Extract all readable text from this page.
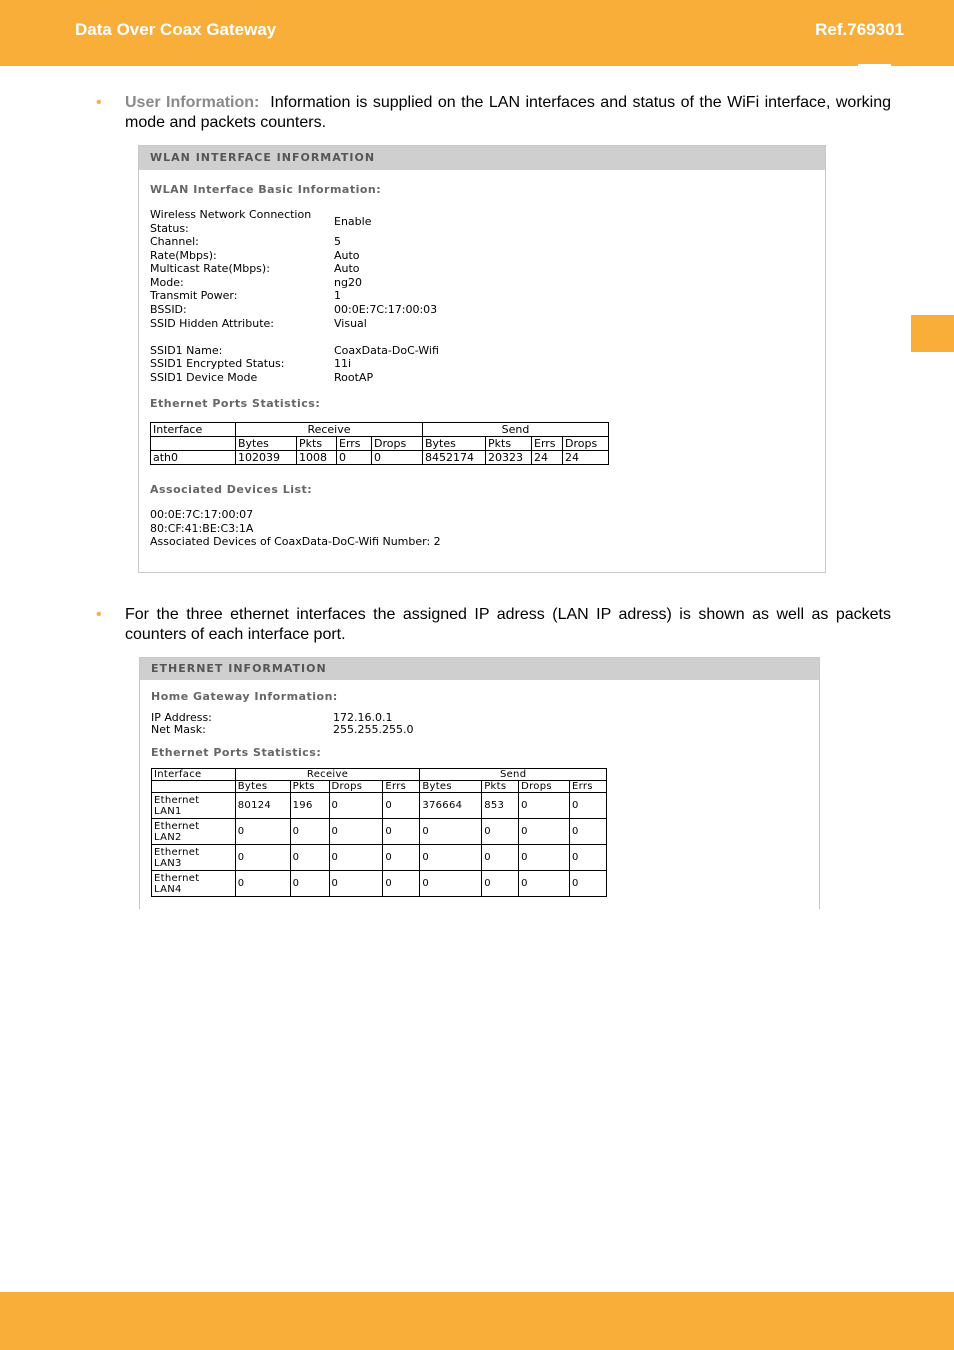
Data Over Coax Gateway	Ref.769301
• User Information:  Information is supplied on the LAN interfaces and status of the WiFi interface, working mode and packets counters.
WLAN INTERFACE INFORMATION
WLAN Interface Basic Information:
Wireless Network Connection Status:
Enable
Channel:	5
Rate(Mbps):	Auto
Multicast Rate(Mbps):	Auto
Mode:	ng20
Transmit Power:	1
BSSID:	00:0E:7C:17:00:03
SSID Hidden Attribute:	Visual
SSID1 Name:	CoaxData-DoC-Wifi
SSID1 Encrypted Status:	11i
SSID1 Device Mode	RootAP
Ethernet Ports Statistics:
Interface	Receive				Send			
	Bytes	Pkts	Errs	Drops	Bytes	Pkts	Errs	Drops
ath0	102039	1008	0	0	8452174	20323	24	24
Associated Devices List:
00:0E:7C:17:00:07
80:CF:41:BE:C3:1A
Associated Devices of CoaxData-DoC-Wifi Number: 2
• For the three ethernet interfaces the assigned IP adress (LAN IP adress) is shown as well as packets counters of each interface port.
ETHERNET INFORMATION
Home Gateway Information:
IP Address:	172.16.0.1
Net Mask:	255.255.255.0
Ethernet Ports Statistics:
Interface	Receive				Send			
	Bytes	Pkts	Drops	Errs	Bytes	Pkts	Drops	Errs

Ethernet
LAN1	80124	196	0	0	376664	853	0	0

Ethernet
LAN2	0	0	0	0	0	0	0	0

Ethernet
LAN3	0	0	0	0	0	0	0	0

Ethernet
LAN4	0	0	0	0	0	0	0	0
